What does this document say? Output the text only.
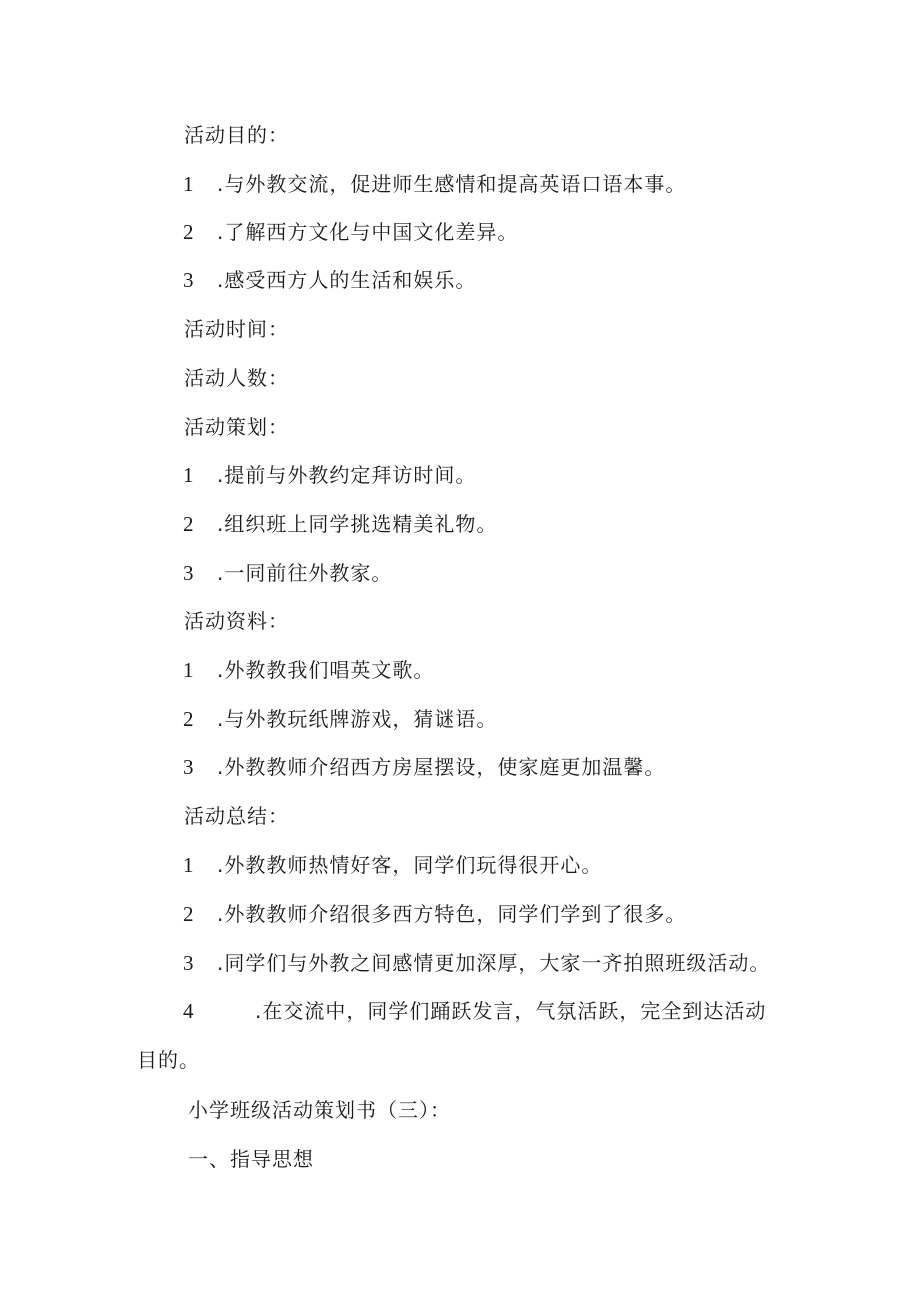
活动目的：
1 .与外教交流，促进师生感情和提高英语口语本事。
2 .了解西方文化与中国文化差异。
3 .感受西方人的生活和娱乐。
活动时间：
活动人数：
活动策划：
1 .提前与外教约定拜访时间。
2 .组织班上同学挑选精美礼物。
3 .一同前往外教家。
活动资料：
1 .外教教我们唱英文歌。
2 .与外教玩纸牌游戏，猜谜语。
3 .外教教师介绍西方房屋摆设，使家庭更加温馨。
活动总结：
1 .外教教师热情好客，同学们玩得很开心。
2 .外教教师介绍很多西方特色，同学们学到了很多。
3 .同学们与外教之间感情更加深厚，大家一齐拍照班级活动。
4	.在交流中，同学们踊跃发言，气氛活跃，完全到达活动
目的。
小学班级活动策划书（三）：
一、指导思想
